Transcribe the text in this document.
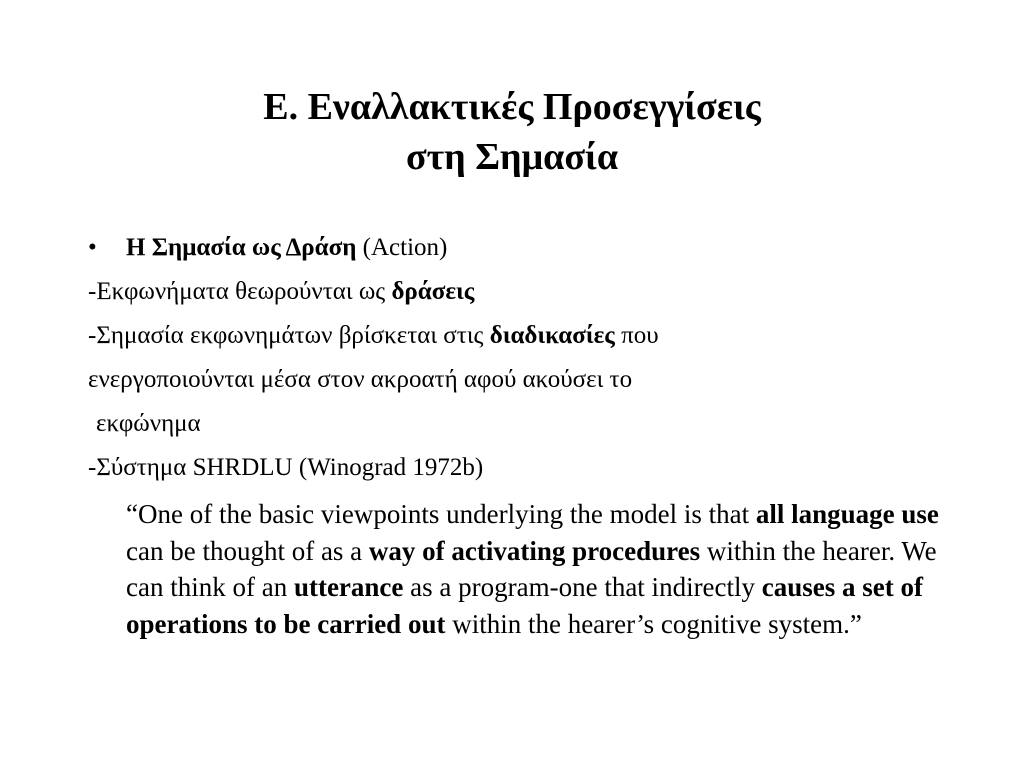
Ε. Εναλλακτικές Προσεγγίσεις
στη Σημασία
• Η Σημασία ως Δράση (Action)
-Εκφωνήματα θεωρούνται ως δράσεις
-Σημασία εκφωνημάτων βρίσκεται στις διαδικασίες που
ενεργοποιούνται μέσα στον ακροατή αφού ακούσει το
εκφώνημα
-Σύστημα SHRDLU (Winograd 1972b)
“One of the basic viewpoints underlying the model is that all language use can be thought of as a way of activating procedures within the hearer. We can think of an utterance as a program-one that indirectly causes a set of operations to be carried out within the hearer’s cognitive system.”
